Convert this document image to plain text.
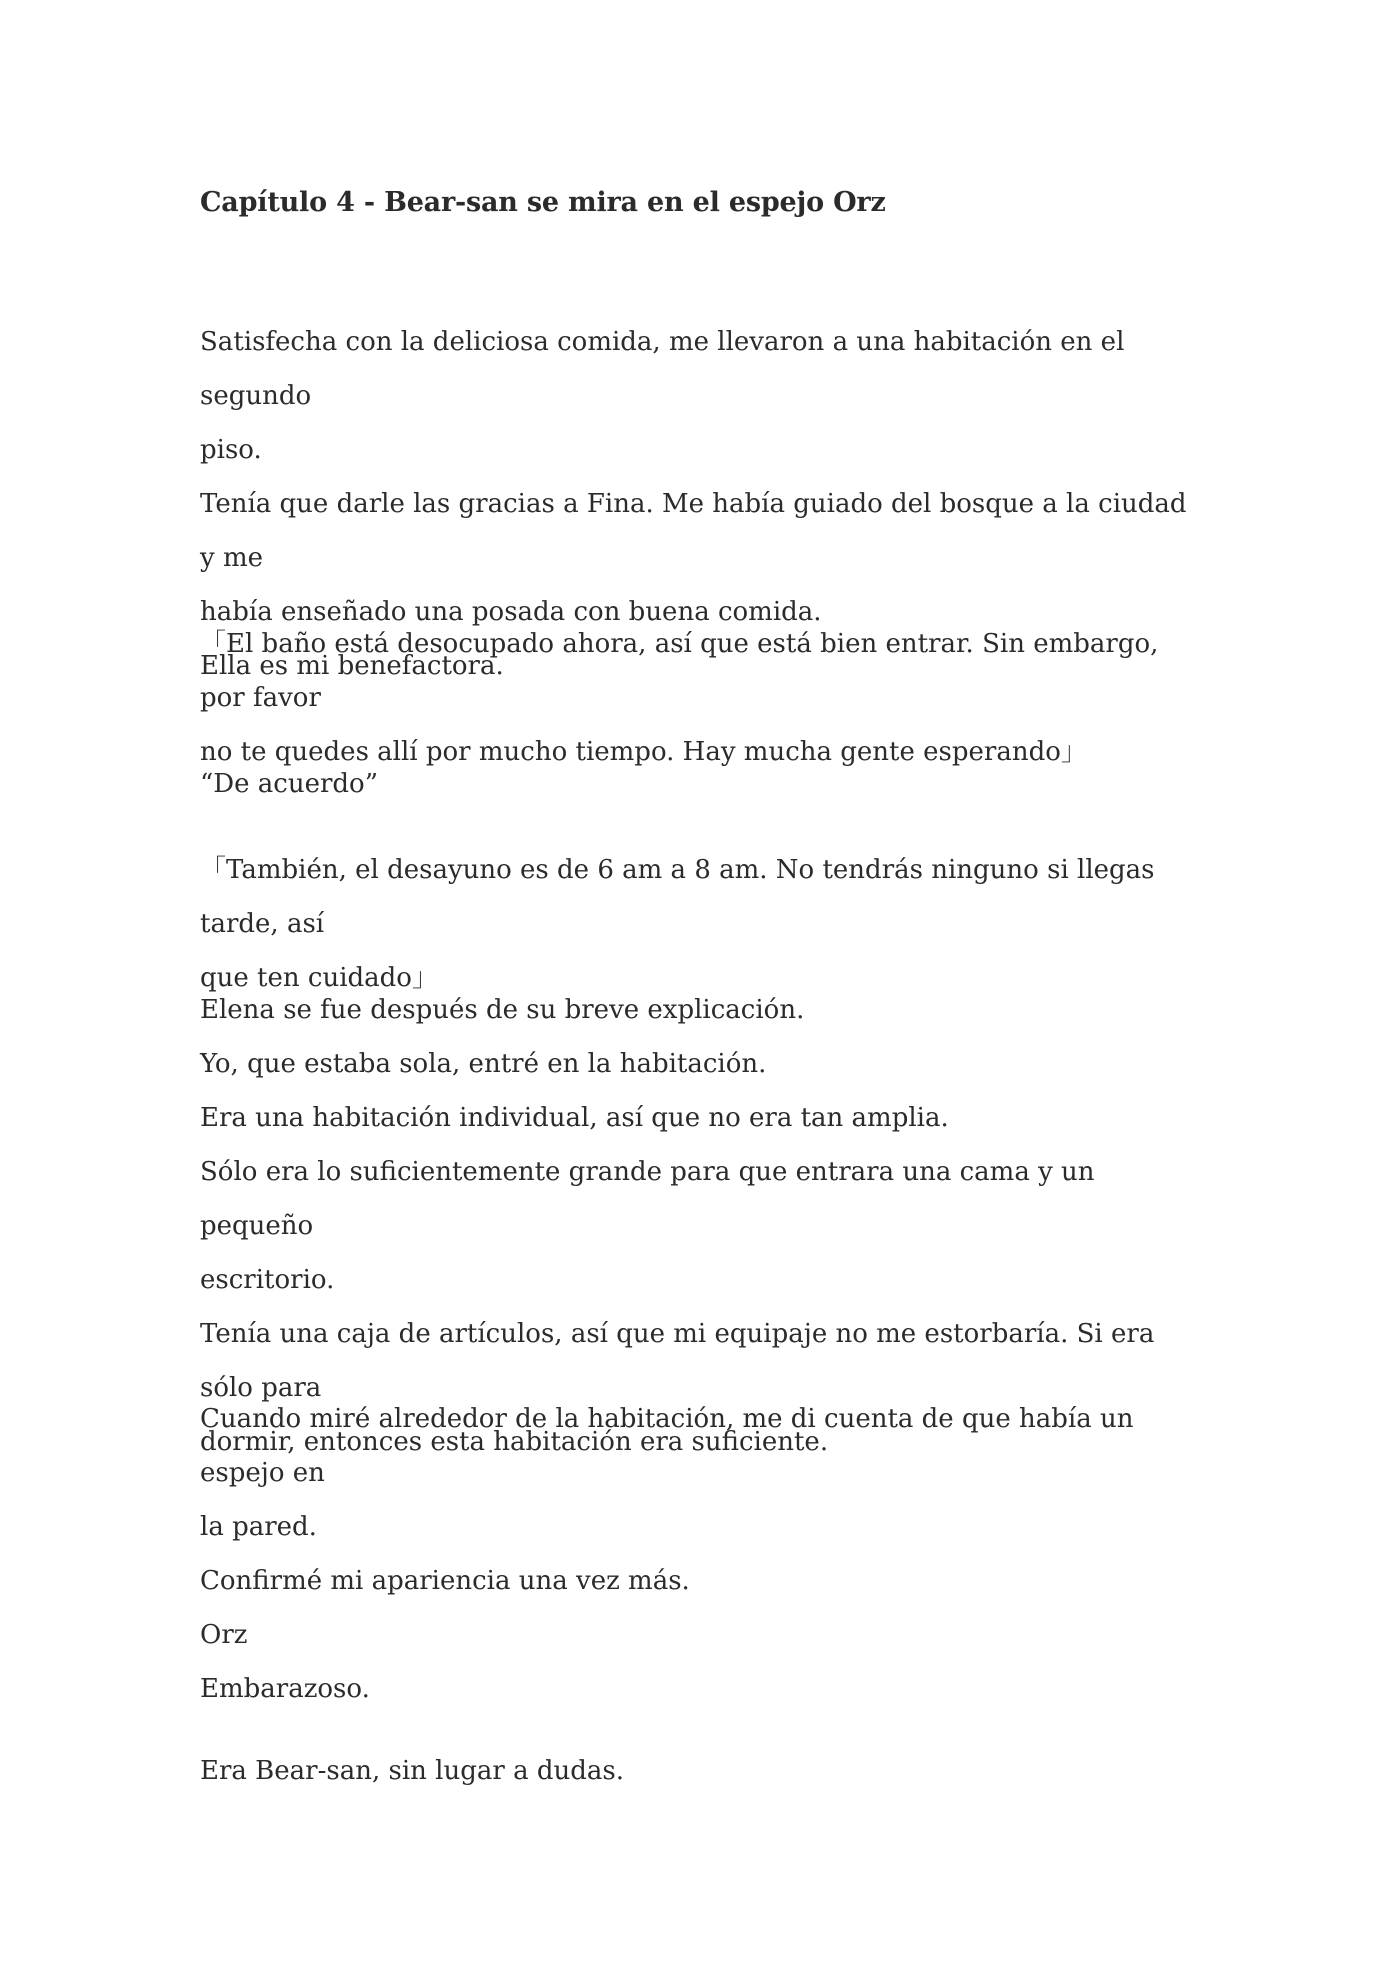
Capítulo 4 - Bear-san se mira en el espejo Orz

Satisfecha con la deliciosa comida, me llevaron a una habitación en el segundo
piso.
Tenía que darle las gracias a Fina. Me había guiado del bosque a la ciudad y me
había enseñado una posada con buena comida.
Ella es mi benefactora.

「El baño está desocupado ahora, así que está bien entrar. Sin embargo, por favor
no te quedes allí por mucho tiempo. Hay mucha gente esperando」

“De acuerdo”

「También, el desayuno es de 6 am a 8 am. No tendrás ninguno si llegas tarde, así
que ten cuidado」

Elena se fue después de su breve explicación.
Yo, que estaba sola, entré en la habitación.
Era una habitación individual, así que no era tan amplia.
Sólo era lo suficientemente grande para que entrara una cama y un pequeño
escritorio.
Tenía una caja de artículos, así que mi equipaje no me estorbaría. Si era sólo para
dormir, entonces esta habitación era suficiente.

Cuando miré alrededor de la habitación, me di cuenta de que había un espejo en
la pared.
Confirmé mi apariencia una vez más.
Orz
Embarazoso.

Era Bear-san, sin lugar a dudas.
